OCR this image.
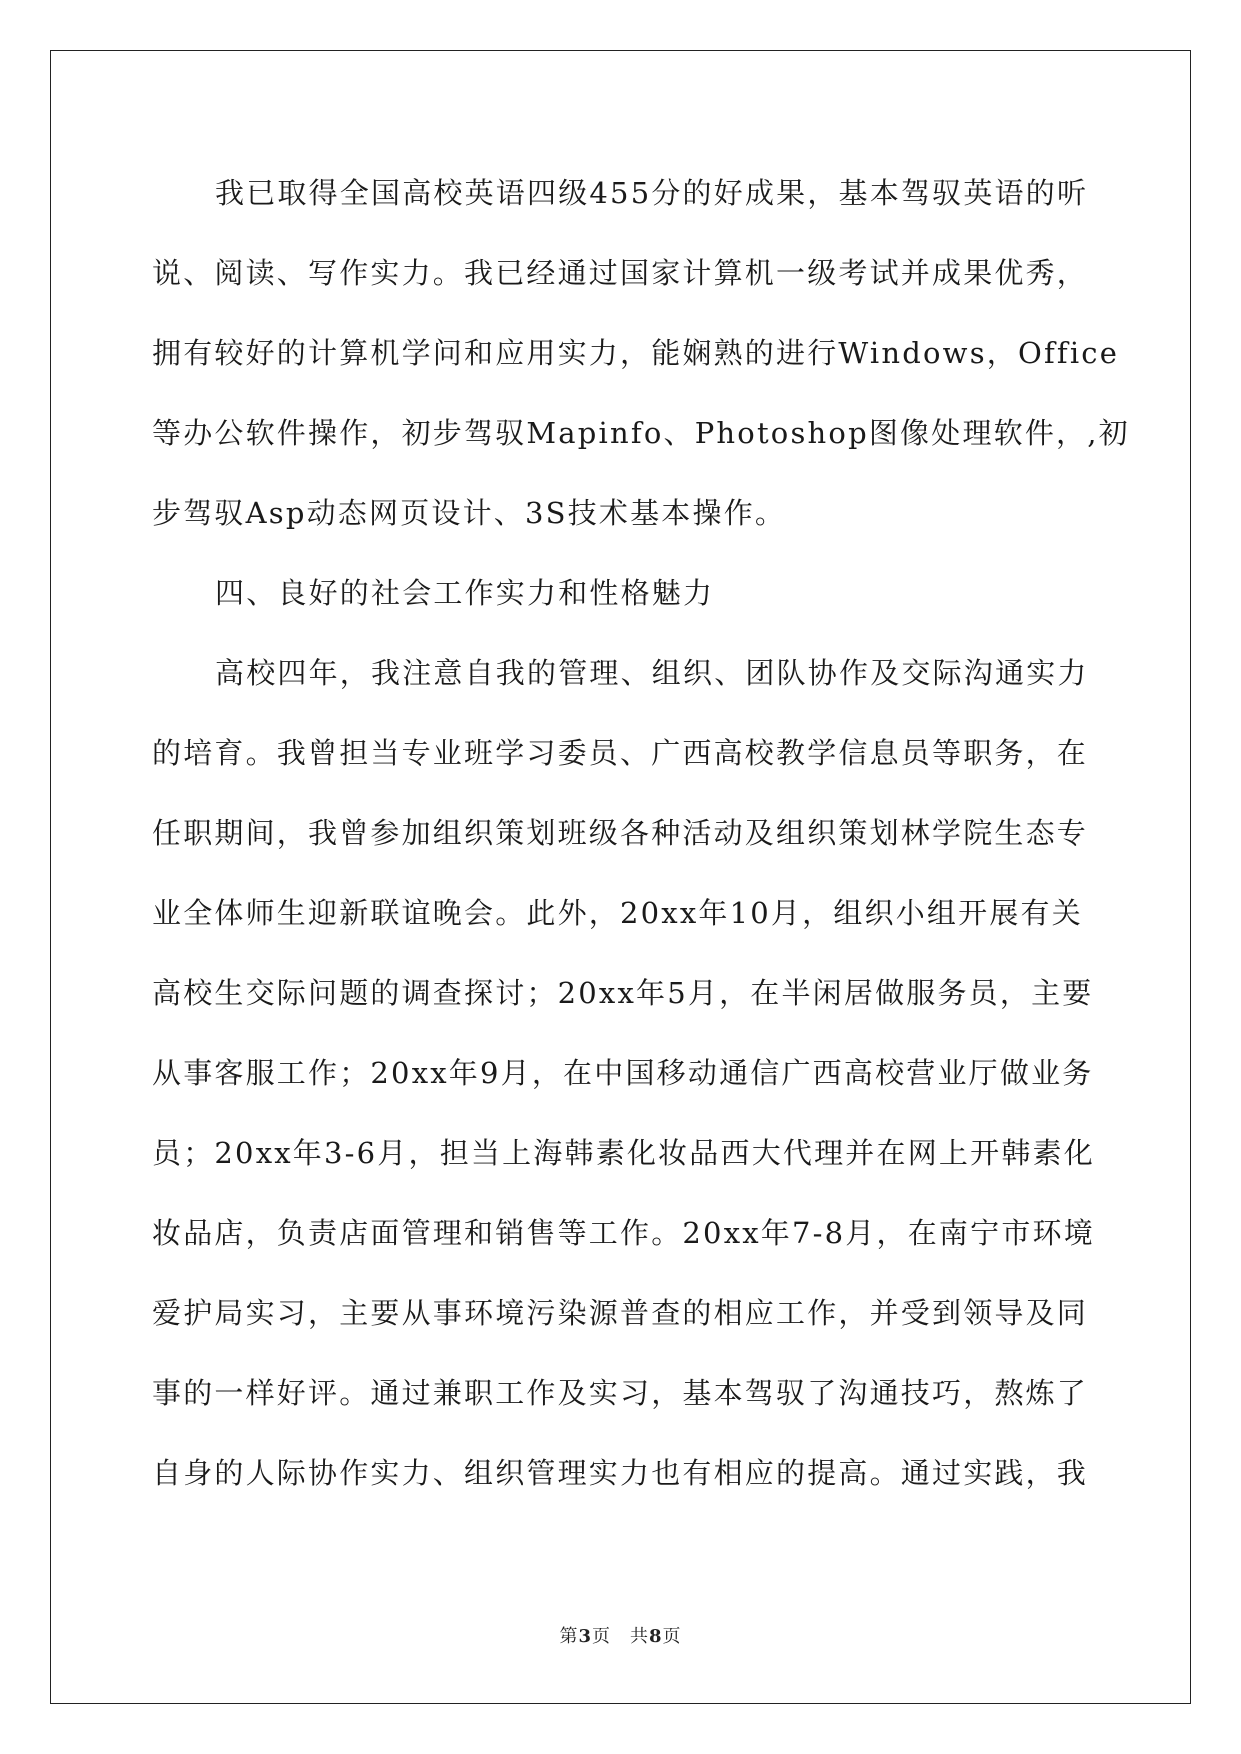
我已取得全国高校英语四级455分的好成果，基本驾驭英语的听
说、阅读、写作实力。我已经通过国家计算机一级考试并成果优秀，
拥有较好的计算机学问和应用实力，能娴熟的进行Windows，Office
等办公软件操作，初步驾驭Mapinfo、Photoshop图像处理软件，,初
步驾驭Asp动态网页设计、3S技术基本操作。
四、良好的社会工作实力和性格魅力
高校四年，我注意自我的管理、组织、团队协作及交际沟通实力
的培育。我曾担当专业班学习委员、广西高校教学信息员等职务，在
任职期间，我曾参加组织策划班级各种活动及组织策划林学院生态专
业全体师生迎新联谊晚会。此外，20xx年10月，组织小组开展有关
高校生交际问题的调查探讨；20xx年5月，在半闲居做服务员，主要
从事客服工作；20xx年9月，在中国移动通信广西高校营业厅做业务
员；20xx年3-6月，担当上海韩素化妆品西大代理并在网上开韩素化
妆品店，负责店面管理和销售等工作。20xx年7-8月，在南宁市环境
爱护局实习，主要从事环境污染源普查的相应工作，并受到领导及同
事的一样好评。通过兼职工作及实习，基本驾驭了沟通技巧，熬炼了
自身的人际协作实力、组织管理实力也有相应的提高。通过实践，我
第3页　共8页
